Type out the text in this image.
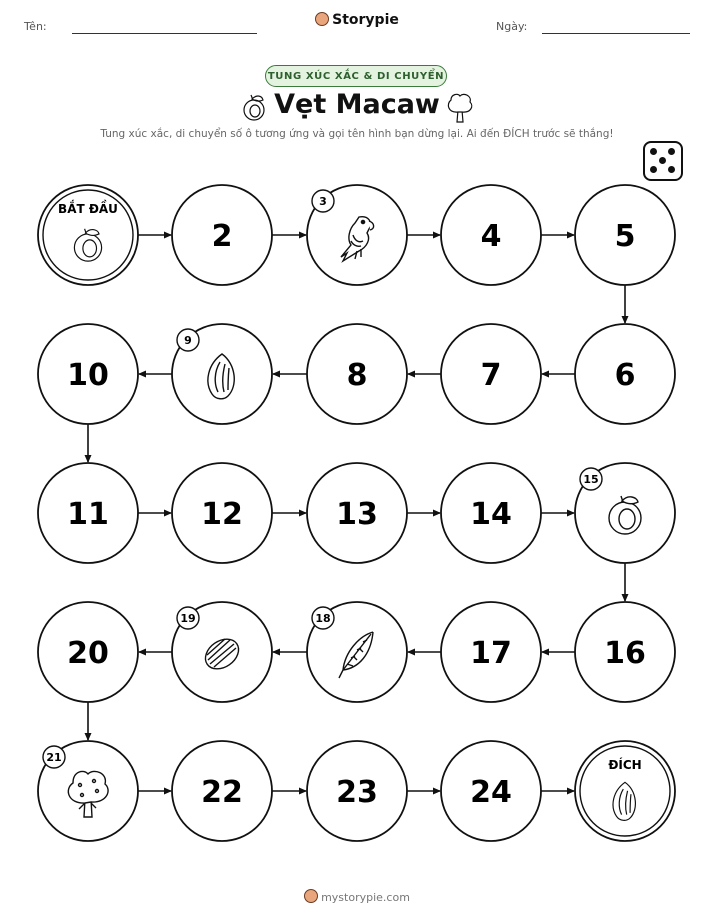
Tên:	Storypie	Ngày:
TUNG XÚC XẮC & DI CHUYỂN
Vẹt Macaw
Tung xúc xắc, di chuyển số ô tương ứng và gọi tên hình bạn dừng lại. Ai đến ĐÍCH trước sẽ thắng!
BẮT ĐẦU
2
3
4	5
6
7
8
9
10
11	12	13	14
15
16
17
18
19
20
21
22	23	24
ĐÍCH
mystorypie.com
